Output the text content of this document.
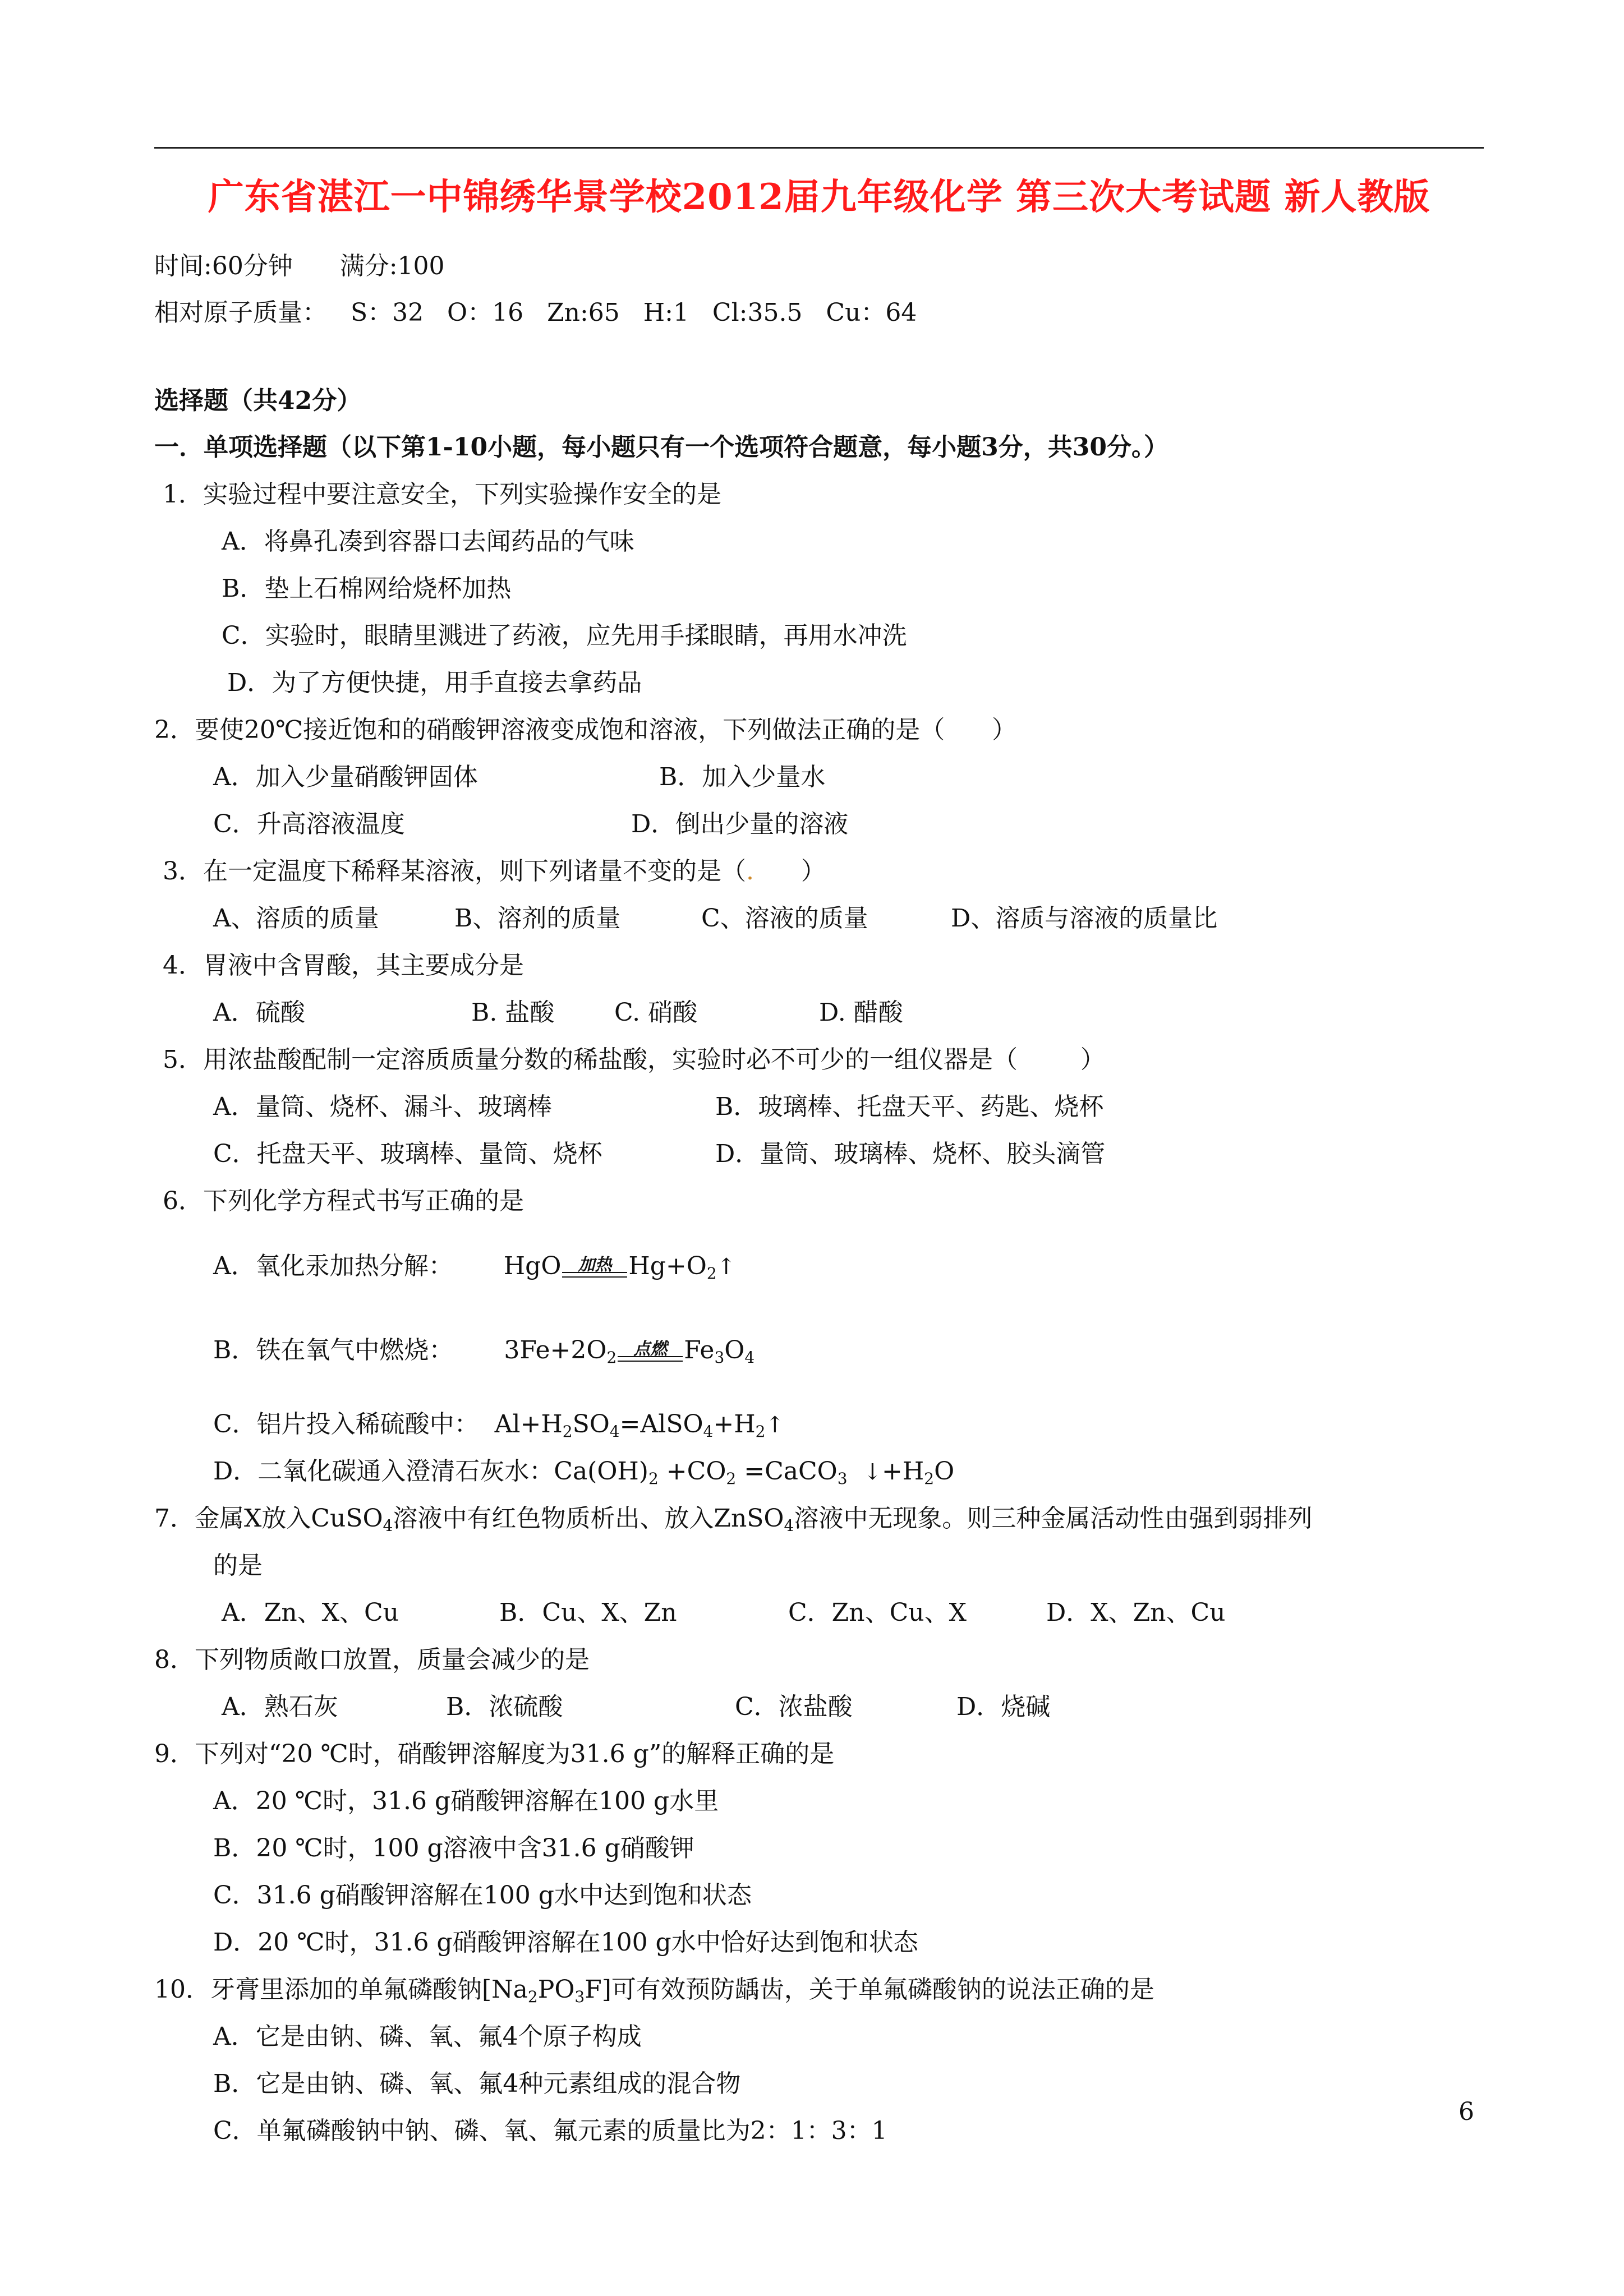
广东省湛江一中锦绣华景学校2012届九年级化学 第三次大考试题 新人教版
时间:60分钟      满分:100
相对原子质量：   S：32   O：16   Zn:65   H:1   Cl:35.5   Cu：64
选择题（共42分）
一．单项选择题（以下第1-10小题，每小题只有一个选项符合题意，每小题3分，共30分。）
1．实验过程中要注意安全，下列实验操作安全的是
A．将鼻孔凑到容器口去闻药品的气味
B．垫上石棉网给烧杯加热
C．实验时，眼睛里溅进了药液，应先用手揉眼睛，再用水冲洗
D．为了方便快捷，用手直接去拿药品
2．要使20℃接近饱和的硝酸钾溶液变成饱和溶液，下列做法正确的是（      ）
A．加入少量硝酸钾固体	B．加入少量水
C．升高溶液温度	D．倒出少量的溶液
3．在一定温度下稀释某溶液，则下列诸量不变的是（.      ）
A、溶质的质量	B、溶剂的质量	C、溶液的质量	D、溶质与溶液的质量比
4．胃液中含胃酸，其主要成分是
A．硫酸	B. 盐酸 C. 硝酸	D. 醋酸
5．用浓盐酸配制一定溶质质量分数的稀盐酸，实验时必不可少的一组仪器是（        ）
A．量筒、烧杯、漏斗、玻璃棒	B．玻璃棒、托盘天平、药匙、烧杯
C．托盘天平、玻璃棒、量筒、烧杯	D．量筒、玻璃棒、烧杯、胶头滴管
6．下列化学方程式书写正确的是
A．氧化汞加热分解： HgO	加热 $Hg+O_2↑$
B．铁在氧气中燃烧： $3Fe+2O_2$	点燃 $Fe_3O_4$
C．铝片投入稀硫酸中：  $Al+H_2SO_4=AlSO_4+H_2↑$
D．二氧化碳通入澄清石灰水：$Ca(OH)_2 +CO_2$ =CaCO$_3$ $↓+H_2O$
7．金属X放入CuSO$_4$溶液中有红色物质析出、放入ZnSO$_4$溶液中无现象。则三种金属活动性由强到弱排列
的是
A．Zn、X、Cu	B．Cu、X、Zn	C．Zn、Cu、X	D．X、Zn、Cu
8．下列物质敞口放置，质量会减少的是
A．熟石灰	B．浓硫酸	C．浓盐酸	D．烧碱
9．下列对“20 ℃时，硝酸钾溶解度为31.6 g”的解释正确的是
A．20 ℃时，31.6 g硝酸钾溶解在100 g水里
B．20 ℃时，100 g溶液中含31.6 g硝酸钾
C．31.6 g硝酸钾溶解在100 g水中达到饱和状态
D．20 ℃时，31.6 g硝酸钾溶解在100 g水中恰好达到饱和状态
10．牙膏里添加的单氟磷酸钠$[Na_2PO_3F]$可有效预防龋齿，关于单氟磷酸钠的说法正确的是
A．它是由钠、磷、氧、氟4个原子构成
B．它是由钠、磷、氧、氟4种元素组成的混合物
C．单氟磷酸钠中钠、磷、氧、氟元素的质量比为2：1：3：1
6
